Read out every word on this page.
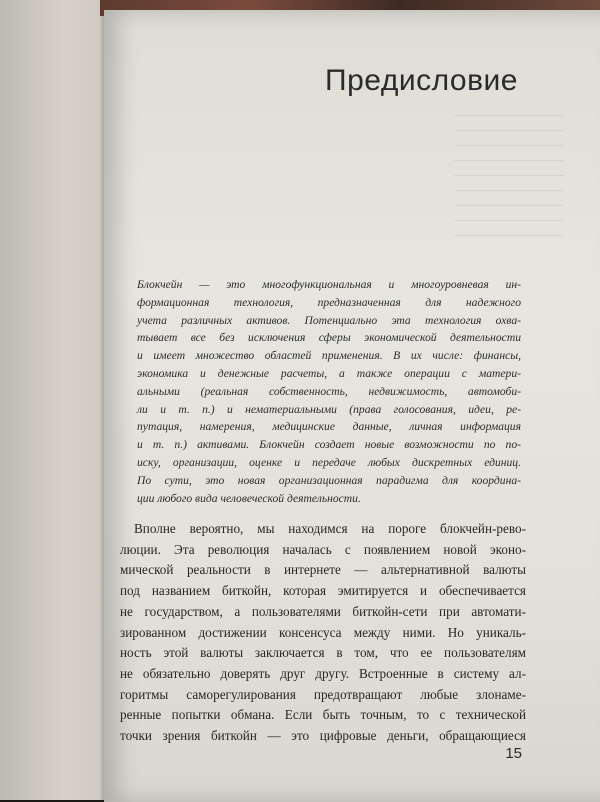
Предисловие
Блокчейн — это многофункциональная и многоуровневая ин-
формационная технология, предназначенная для надежного
учета различных активов. Потенциально эта технология охва-
тывает все без исключения сферы экономической деятельности
и имеет множество областей применения. В их числе: финансы,
экономика и денежные расчеты, а также операции с матери-
альными (реальная собственность, недвижимость, автомоби-
ли и т. п.) и нематериальными (права голосования, идеи, ре-
путация, намерения, медицинские данные, личная информация
и т. п.) активами. Блокчейн создает новые возможности по по-
иску, организации, оценке и передаче любых дискретных единиц.
По сути, это новая организационная парадигма для координа-
ции любого вида человеческой деятельности.
Вполне вероятно, мы находимся на пороге блокчейн-рево-
люции. Эта революция началась с появлением новой эконо-
мической реальности в интернете — альтернативной валюты
под названием биткойн, которая эмитируется и обеспечивается
не государством, а пользователями биткойн-сети при автомати-
зированном достижении консенсуса между ними. Но уникаль-
ность этой валюты заключается в том, что ее пользователям
не обязательно доверять друг другу. Встроенные в систему ал-
горитмы саморегулирования предотвращают любые злонаме-
ренные попытки обмана. Если быть точным, то с технической
точки зрения биткойн — это цифровые деньги, обращающиеся
15
